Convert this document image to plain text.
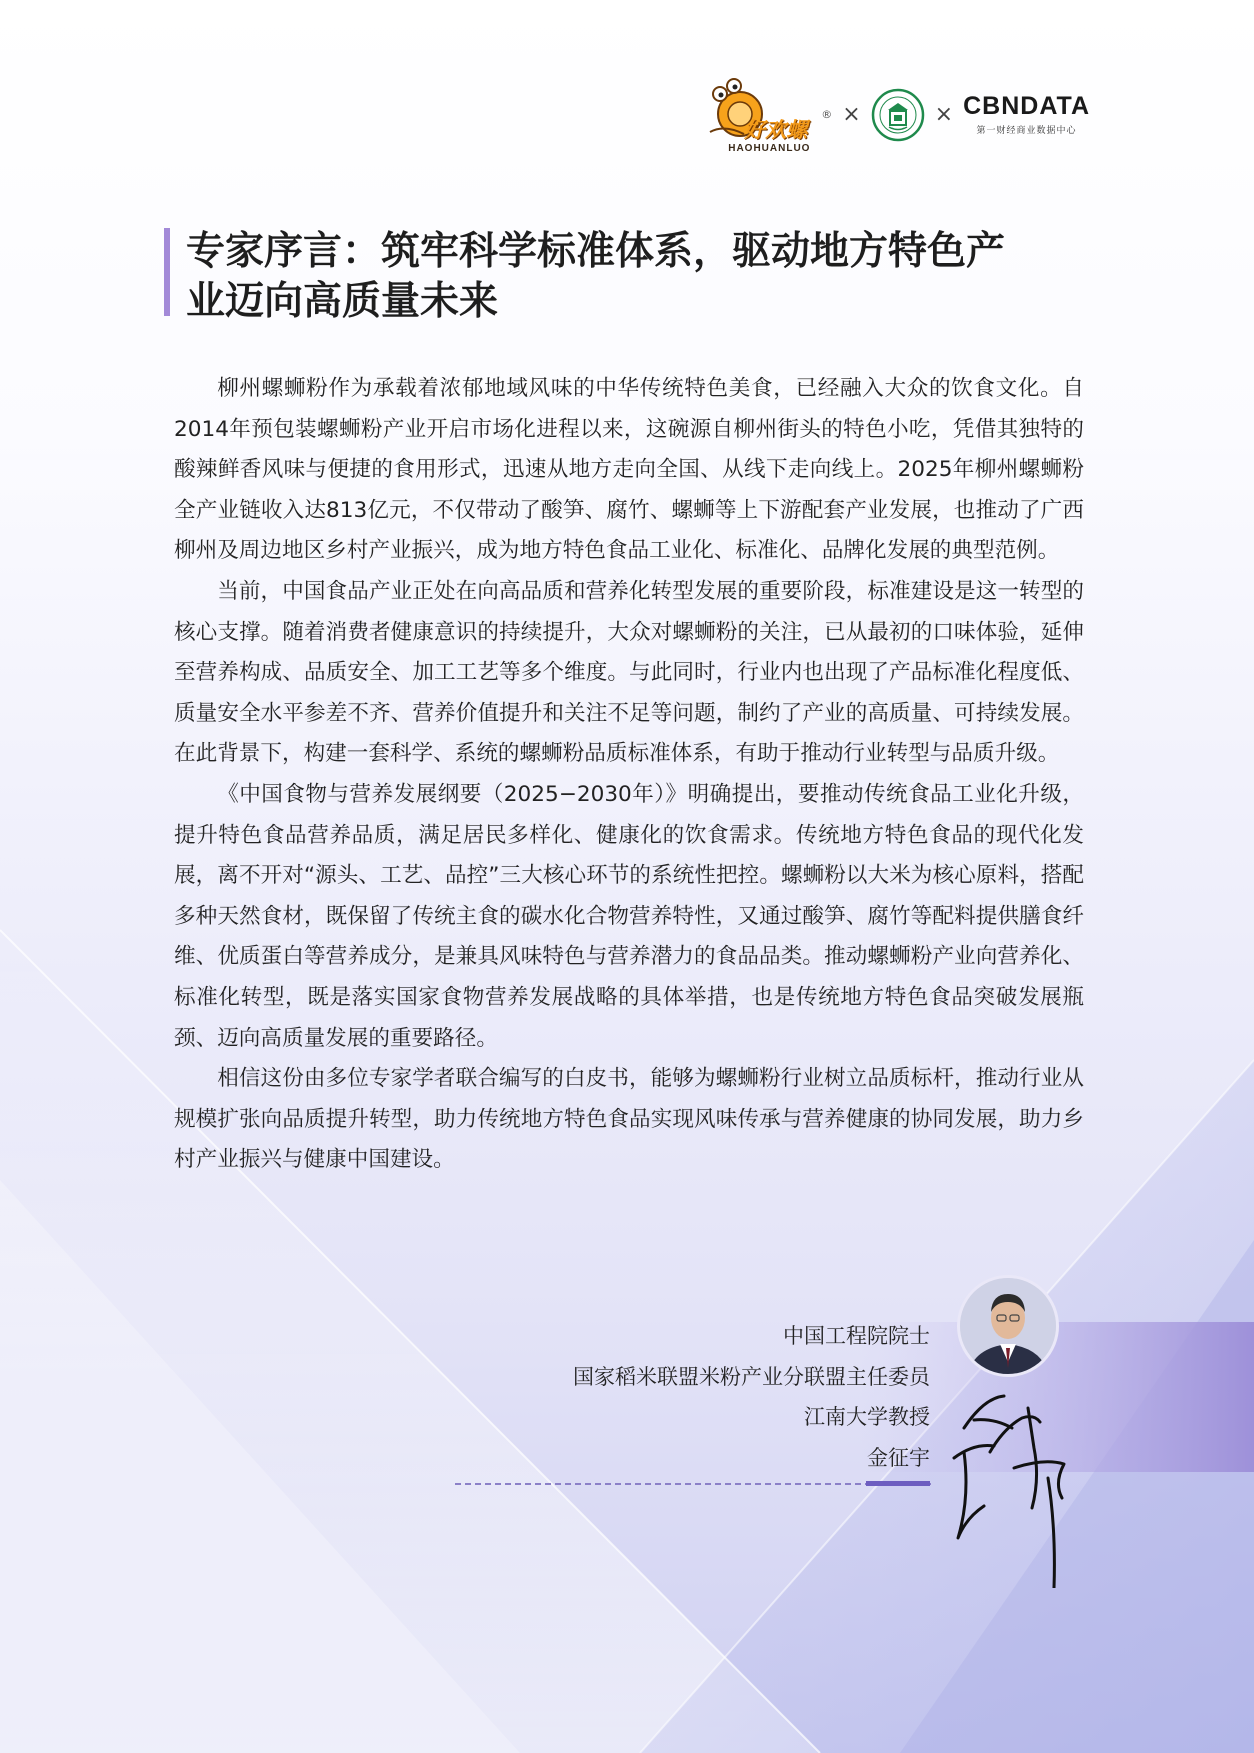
好欢螺
®
HAOHUANLUO
×	× CBNDATA
第一财经商业数据中心
专家序言：筑牢科学标准体系，驱动地方特色产
业迈向高质量未来

柳州螺蛳粉作为承载着浓郁地域风味的中华传统特色美食，已经融入大众的饮食文化。自2014年预包装螺蛳粉产业开启市场化进程以来，这碗源自柳州街头的特色小吃，凭借其独特的酸辣鲜香风味与便捷的食用形式，迅速从地方走向全国、从线下走向线上。2025年柳州螺蛳粉全产业链收入达813亿元，不仅带动了酸笋、腐竹、螺蛳等上下游配套产业发展，也推动了广西柳州及周边地区乡村产业振兴，成为地方特色食品工业化、标准化、品牌化发展的典型范例。

当前，中国食品产业正处在向高品质和营养化转型发展的重要阶段，标准建设是这一转型的核心支撑。随着消费者健康意识的持续提升，大众对螺蛳粉的关注，已从最初的口味体验，延伸至营养构成、品质安全、加工工艺等多个维度。与此同时，行业内也出现了产品标准化程度低、质量安全水平参差不齐、营养价值提升和关注不足等问题，制约了产业的高质量、可持续发展。在此背景下，构建一套科学、系统的螺蛳粉品质标准体系，有助于推动行业转型与品质升级。

《中国食物与营养发展纲要（2025−2030年）》明确提出，要推动传统食品工业化升级，提升特色食品营养品质，满足居民多样化、健康化的饮食需求。传统地方特色食品的现代化发展，离不开对“源头、工艺、品控”三大核心环节的系统性把控。螺蛳粉以大米为核心原料，搭配多种天然食材，既保留了传统主食的碳水化合物营养特性，又通过酸笋、腐竹等配料提供膳食纤维、优质蛋白等营养成分，是兼具风味特色与营养潜力的食品品类。推动螺蛳粉产业向营养化、标准化转型，既是落实国家食物营养发展战略的具体举措，也是传统地方特色食品突破发展瓶颈、迈向高质量发展的重要路径。

相信这份由多位专家学者联合编写的白皮书，能够为螺蛳粉行业树立品质标杆，推动行业从规模扩张向品质提升转型，助力传统地方特色食品实现风味传承与营养健康的协同发展，助力乡村产业振兴与健康中国建设。

中国工程院院士
国家稻米联盟米粉产业分联盟主任委员
江南大学教授
金征宇
